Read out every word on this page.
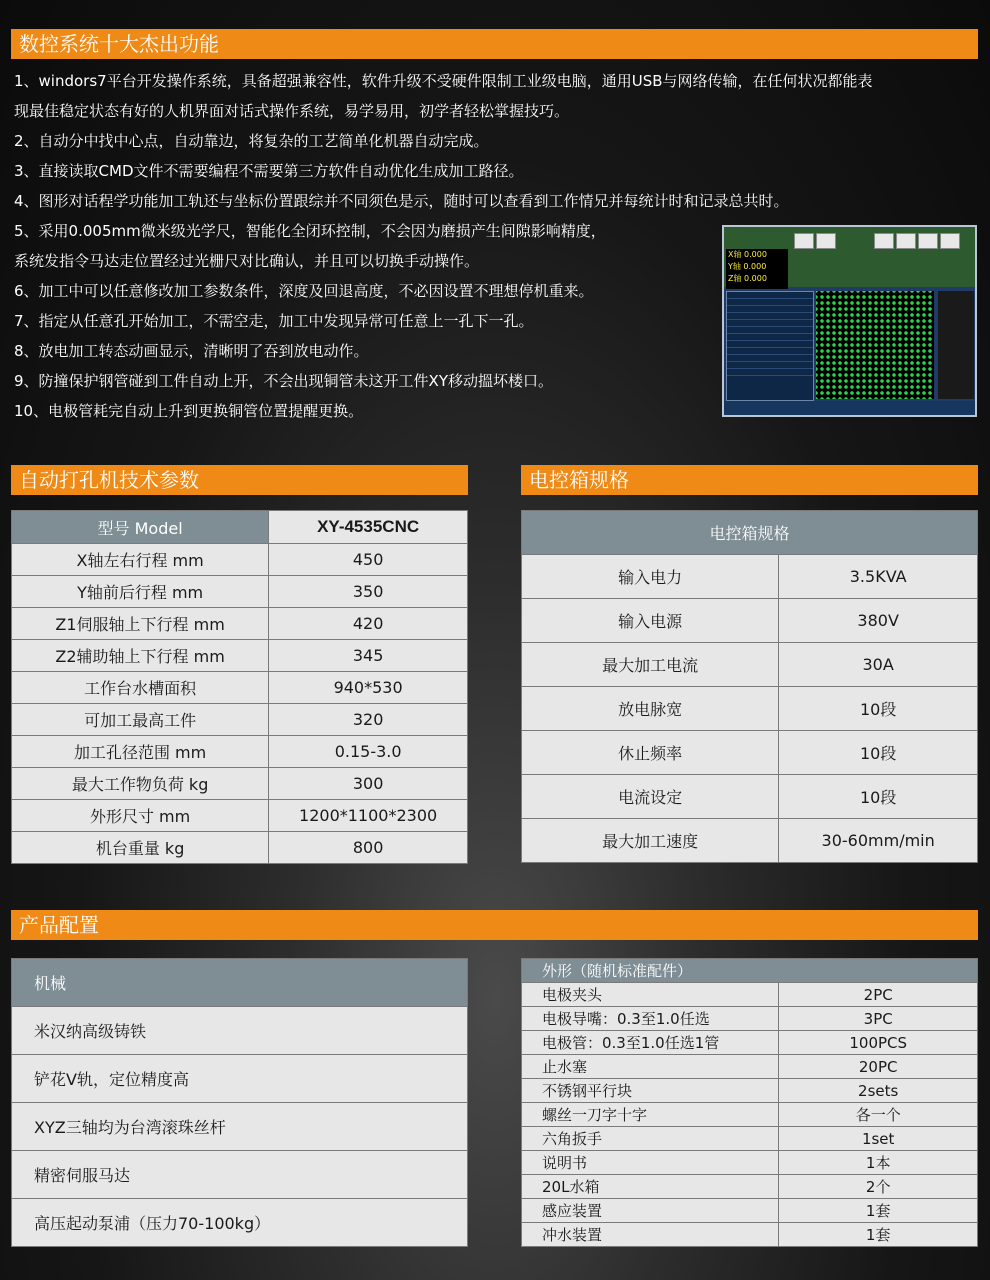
数控系统十大杰出功能
1、windors7平台开发操作系统，具备超强兼容性，软件升级不受硬件限制工业级电脑，通用USB与网络传输，在任何状况都能表
现最佳稳定状态有好的人机界面对话式操作系统，易学易用，初学者轻松掌握技巧。
2、自动分中找中心点，自动靠边，将复杂的工艺简单化机器自动完成。
3、直接读取CMD文件不需要编程不需要第三方软件自动优化生成加工路径。
4、图形对话程学功能加工轨还与坐标份置跟综并不同须色是示，随时可以查看到工作情兄并每统计时和记录总共时。
5、采用0.005mm微米级光学尺，智能化全闭环控制，不会因为磨损产生间隙影响精度，
系统发指令马达走位置经过光栅尺对比确认，并且可以切换手动操作。
6、加工中可以任意修改加工参数条件，深度及回退高度，不必因设置不理想停机重来。
7、指定从任意孔开始加工，不需空走，加工中发现异常可任意上一孔下一孔。
8、放电加工转态动画显示，清晰明了吞到放电动作。
9、防撞保护钢管碰到工件自动上开，不会出现铜管未这开工件XY移动搵坏楼口。
10、电极管耗完自动上升到更换铜管位置提醒更换。
X轴 0.000
Y轴 0.000
Z轴 0.000
自动打孔机技术参数	电控箱规格
型号 Model	XY-4535CNC
X轴左右行程 mm	450
Y轴前后行程 mm	350
Z1伺服轴上下行程 mm	420
Z2辅助轴上下行程 mm	345
工作台水槽面积	940*530
可加工最高工件	320
加工孔径范围 mm	0.15-3.0
最大工作物负荷 kg	300
外形尺寸 mm	1200*1100*2300
机台重量 kg	800
电控箱规格	
输入电力	3.5KVA
输入电源	380V
最大加工电流	30A
放电脉宽	10段
休止频率	10段
电流设定	10段
最大加工速度	30-60mm/min
产品配置
机械
米汉纳高级铸铁
铲花V轨，定位精度高
XYZ三轴均为台湾滚珠丝杆
精密伺服马达
高压起动泵浦（压力70-100kg）
外形（随机标准配件）	
电极夹头	2PC
电极导嘴：0.3至1.0任选	3PC
电极管：0.3至1.0任选1管	100PCS
止水塞	20PC
不锈钢平行块	2sets
螺丝一刀字十字	各一个
六角扳手	1set
说明书	1本
20L水箱	2个
感应装置	1套
冲水装置	1套
